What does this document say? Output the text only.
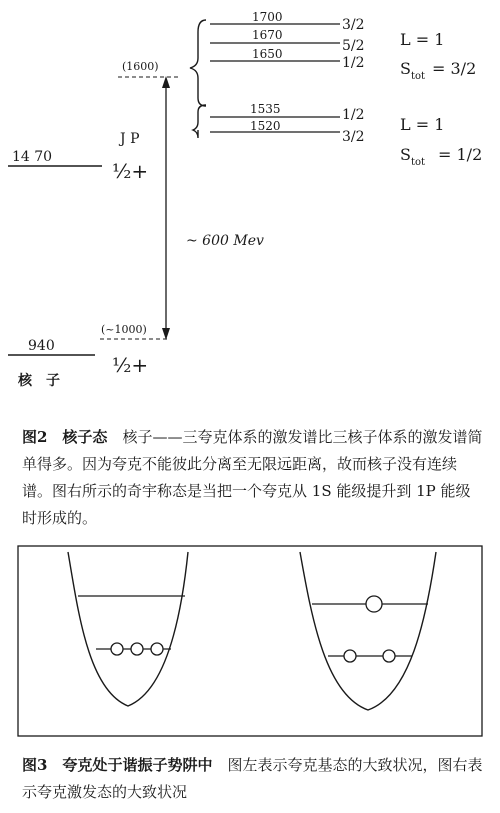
940
½+
核　子
14 70
J P
½+
(~1000)
(1600)
~ 600 Mev
1700	3/2
1670
5/2
1650
1/2
L = 1
S tot = 3/2
1535	1/2
1520
3/2
L = 1
S tot = 1/2
图2　核子态　核子——三夸克体系的激发谱比三核子体系的激发谱简单得多。因为夸克不能彼此分离至无限远距离，故而核子没有连续谱。图右所示的奇宇称态是当把一个夸克从 1S 能级提升到 1P 能级时形成的。
图3　夸克处于谐振子势阱中　图左表示夸克基态的大致状况，图右表示夸克激发态的大致状况
